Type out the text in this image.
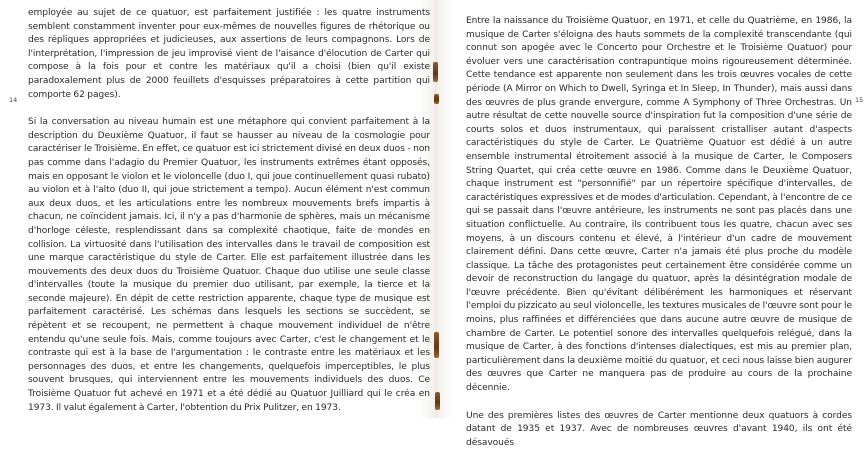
14	15

employée au sujet de ce quatuor, est parfaitement justifiée : les quatre instruments semblent constamment inventer pour eux-mêmes de nouvelles figures de rhétorique ou des répliques appropriées et judicieuses, aux assertions de leurs compagnons. Lors de l'interprétation, l'impression de jeu improvisé vient de l'aisance d'élocution de Carter qui compose à la fois pour et contre les matériaux qu'il a choisi (bien qu'il existe paradoxalement plus de 2000 feuillets d'esquisses préparatoires à cette partition qui comporte 62 pages).

Si la conversation au niveau humain est une métaphore qui convient parfaitement à la description du Deuxième Quatuor, il faut se hausser au niveau de la cosmologie pour caractériser le Troisième. En effet, ce quatuor est ici strictement divisé en deux duos - non pas comme dans l'adagio du Premier Quatuor, les instruments extrêmes étant opposés, mais en opposant le violon et le violoncelle (duo I, qui joue continuellement quasi rubato) au violon et à l'alto (duo II, qui joue strictement a tempo). Aucun élément n'est commun aux deux duos, et les articulations entre les nombreux mouvements brefs impartis à chacun, ne coïncident jamais. Ici, il n'y a pas d'harmonie de sphères, mais un mécanisme d'horloge céleste, resplendissant dans sa complexité chaotique, faite de mondes en collision. La virtuosité dans l'utilisation des intervalles dans le travail de composition est une marque caractéristique du style de Carter. Elle est parfaitement illustrée dans les mouvements des deux duos du Troisième Quatuor. Chaque duo utilise une seule classe d'intervalles (toute la musique du premier duo utilisant, par exemple, la tierce et la seconde majeure). En dépit de cette restriction apparente, chaque type de musique est parfaitement caractérisé. Les schémas dans lesquels les sections se succèdent, se répètent et se recoupent, ne permettent à chaque mouvement individuel de n'être entendu qu'une seule fois. Mais, comme toujours avec Carter, c'est le changement et le contraste qui est à la base de l'argumentation : le contraste entre les matériaux et les personnages des duos, et entre les changements, quelquefois imperceptibles, le plus souvent brusques, qui interviennent entre les mouvements individuels des duos. Ce Troisième Quatuor fut achevé en 1971 et a été dédié au Quatuor Juilliard qui le créa en 1973. Il valut également à Carter, l'obtention du Prix Pulitzer, en 1973.

Entre la naissance du Troisième Quatuor, en 1971, et celle du Quatrième, en 1986, la musique de Carter s'éloigna des hauts sommets de la complexité transcendante (qui connut son apogée avec le Concerto pour Orchestre et le Troisième Quatuor) pour évoluer vers une caractérisation contrapuntique moins rigoureusement déterminée. Cette tendance est apparente non seulement dans les trois œuvres vocales de cette période (A Mirror on Which to Dwell, Syringa et In Sleep, In Thunder), mais aussi dans des œuvres de plus grande envergure, comme A Symphony of Three Orchestras. Un autre résultat de cette nouvelle source d'inspiration fut la composition d'une série de courts solos et duos instrumentaux, qui paraissent cristalliser autant d'aspects caractéristiques du style de Carter. Le Quatrième Quatuor est dédié à un autre ensemble instrumental étroitement associé à la musique de Carter, le Composers String Quartet, qui créa cette œuvre en 1986. Comme dans le Deuxième Quatuor, chaque instrument est "personnifié" par un répertoire spécifique d'intervalles, de caractéristiques expressives et de modes d'articulation. Cependant, à l'encontre de ce qui se passait dans l'œuvre antérieure, les instruments ne sont pas placés dans une situation conflictuelle. Au contraire, ils contribuent tous les quatre, chacun avec ses moyens, à un discours contenu et élevé, à l'intérieur d'un cadre de mouvement clairement défini. Dans cette œuvre, Carter n'a jamais été plus proche du modèle classique. La tâche des protagonistes peut certainement être considérée comme un devoir de reconstruction du langage du quatuor, après la désintégration modale de l'œuvre précédente. Bien qu'évitant délibérément les harmoniques et réservant l'emploi du pizzicato au seul violoncelle, les textures musicales de l'œuvre sont pour le moins, plus raffinées et différenciées que dans aucune autre œuvre de musique de chambre de Carter. Le potentiel sonore des intervalles quelquefois relégué, dans la musique de Carter, à des fonctions d'intenses dialectiques, est mis au premier plan, particulièrement dans la deuxième moitié du quatuor, et ceci nous laisse bien augurer des œuvres que Carter ne manquera pas de produire au cours de la prochaine décennie.

Une des premières listes des œuvres de Carter mentionne deux quatuors à cordes datant de 1935 et 1937. Avec de nombreuses œuvres d'avant 1940, ils ont été désavoués
